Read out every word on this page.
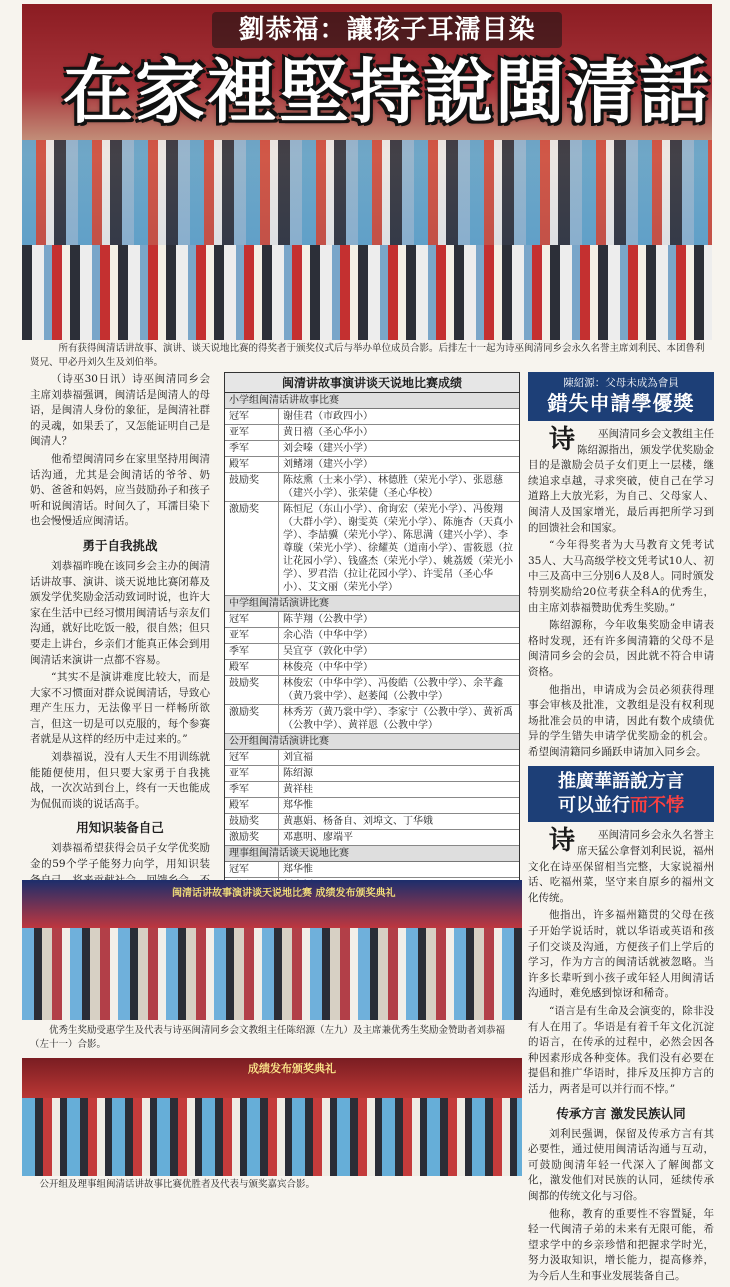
劉恭福：讓孩子耳濡目染
在家裡堅持說閩清話
所有获得闽清话讲故事、演讲、谈天说地比赛的得奖者于颁奖仪式后与举办单位成员合影。后排左十一起为诗巫闽清同乡会永久名誉主席刘利民、本团鲁利贤兄、甲必丹刘久生及刘伯举。

（诗巫30日讯）诗巫闽清同乡会主席刘恭福强调，闽清话是闽清人的母语，是闽清人身份的象征，是闽清社群的灵魂，如果丢了，又怎能证明自己是闽清人？

他希望闽清同乡在家里坚持用闽清话沟通，尤其是会闽清话的爷爷、奶奶、爸爸和妈妈，应当鼓励孙子和孩子听和说闽清话。时间久了，耳濡目染下也会慢慢适应闽清话。

勇于自我挑战

刘恭福昨晚在该同乡会主办的闽清话讲故事、演讲、谈天说地比赛闭幕及颁发学优奖励金活动致词时说，也许大家在生活中已经习惯用闽清话与亲友们沟通，就好比吃饭一般，很自然；但只要走上讲台，乡亲们才能真正体会到用闽清话来演讲一点都不容易。

“其实不是演讲难度比较大，而是大家不习惯面对群众说闽清话，导致心理产生压力，无法像平日一样畅所欲言，但这一切是可以克服的，每个参赛者就是从这样的经历中走过来的。”

刘恭福说，没有人天生不用训练就能随便使用，但只要大家勇于自我挑战，一次次站到台上，终有一天也能成为侃侃而谈的说话高手。

用知识装备自己

刘恭福希望获得会员子女学优奖励金的59个学子能努力向学，用知识装

闽清讲故事演讲谈天说地比赛成绩
小学组闽清话讲故事比赛
冠军	谢佳君（市政四小）
亚军	黄日禧（圣心华小）
季军	刘会嗪（建兴小学）
殿军	刘鳍翊（建兴小学）
鼓励奖	陈炫熏（士来小学）、林德胜（荣光小学）、张恩慈（建兴小学）、张荣倢（圣心华校）
激励奖	陈恒尼（东山小学）、俞询宏（荣光小学）、冯俊翔（大群小学）、谢雯英（荣光小学）、陈施杏（天真小学）、李喆骥（荣光小学）、陈思满（建兴小学）、李尊璇（荣光小学）、徐耀英（道南小学）、雷筱恩（拉让花园小学）、钱盛杰（荣光小学）、姚荔媛（荣光小学）、罗君浩（拉让花园小学）、许雯帠（圣心华小）、艾文丽（荣光小学）
中学组闽清话演讲比赛
冠军	陈芋翔（公教中学）
亚军	余心浩（中华中学）
季军	吴宜亨（敦化中学）
殿军	林俊亮（中华中学）
鼓励奖	林俊宏（中华中学）、冯俊皓（公教中学）、余芊鑫（黄乃裳中学）、赵萎闻（公教中学）
激励奖	林秀芳（黄乃裳中学）、李家宁（公教中学）、黄祈禹（公教中学）、黄祥恩（公教中学）
公开组闽清话演讲比赛
冠军	刘宜福
亚军	陈绍源
季军	黄祥桂
殿军	郑华惟
鼓励奖	黄惠娟、杨备自、刘埠文、丁华娥
激励奖	邓惠明、廖端平
理事组闽清话谈天说地比赛
冠军	郑华惟
陳紹源：父母未成為會員
錯失申請學優獎

诗巫闽清同乡会文教组主任陈绍源指出，颁发学优奖励金目的是激励会员子女们更上一层楼，继续追求卓越，寻求突破，使自己在学习道路上大放光彩，为自己、父母家人、闽清人及国家增光，最后再把所学习到的回馈社会和国家。

“今年得奖者为大马教育文凭考试35人、大马高级学校文凭考试10人、初中三及高中三分别6人及8人。同时颁发特别奖励给20位考获全科A的优秀生，由主席刘恭福赞助优秀生奖励。”

陈绍源称，今年收集奖励金申请表格时发现，还有许多闽清籍的父母不是闽清同乡会的会员，因此就不符合申请资格。

他指出，申请成为会员必须获得理事会审核及批准，文教组是没有权利现场批准会员的申请，因此有数个成绩优异的学生错失申请学优奖励金的机会。希望闽清籍同乡踊跃申请加入同乡会。

推廣華語說方言
可以並行而不悖

诗巫闽清同乡会永久名誉主席天猛公拿督刘利民说，福州文化在诗巫保留相当完整，大家说福州话、吃福州菜，坚守来自原乡的福州文化传统。

他指出，许多福州籍贯的父母在孩子开始学说话时，就以华语或英语和孩子们交谈及沟通，方便孩子们上学后的学习，作为方言的闽清话就被忽略。当许多长辈听到小孩子或年轻人用闽清话沟通时，难免感到惊讶和稀奇。

“语言是有生命及会演变的，除非没有人在用了。华语是有着千年文化沉淀的语言，在传承的过程中，必然会因各种因素形成各种变体。我们没有必要在提倡和推广华语时，排斥及压抑方言的活力，两者是可以并行而不悖。”

传承方言 激发民族认同

刘利民强调，保留及传承方言有其必要性，通过使用闽清话沟通与互动，可鼓励闽清年轻一代深入了解闽都文化，激发他们对民族的认同，延续传承闽都的传统文化与习俗。

他称，教育的重要性不容置疑，年轻一代闽清子弟的未来有无限可能，希望求学中的乡亲珍惜和把握求学时光，努力汲取知识，增长能力，提高修养，为今后人生和事业发展装备自己。

闽清话讲故事演讲谈天说地比赛 成绩发布颁奖典礼
优秀生奖励受惠学生及代表与诗巫闽清同乡会文教组主任陈绍源（左九）及主席兼优秀生奖励金赞助者刘恭福（左十一）合影。
成绩发布颁奖典礼
公开组及理事组闽清话讲故事比赛优胜者及代表与颁奖嘉宾合影。
